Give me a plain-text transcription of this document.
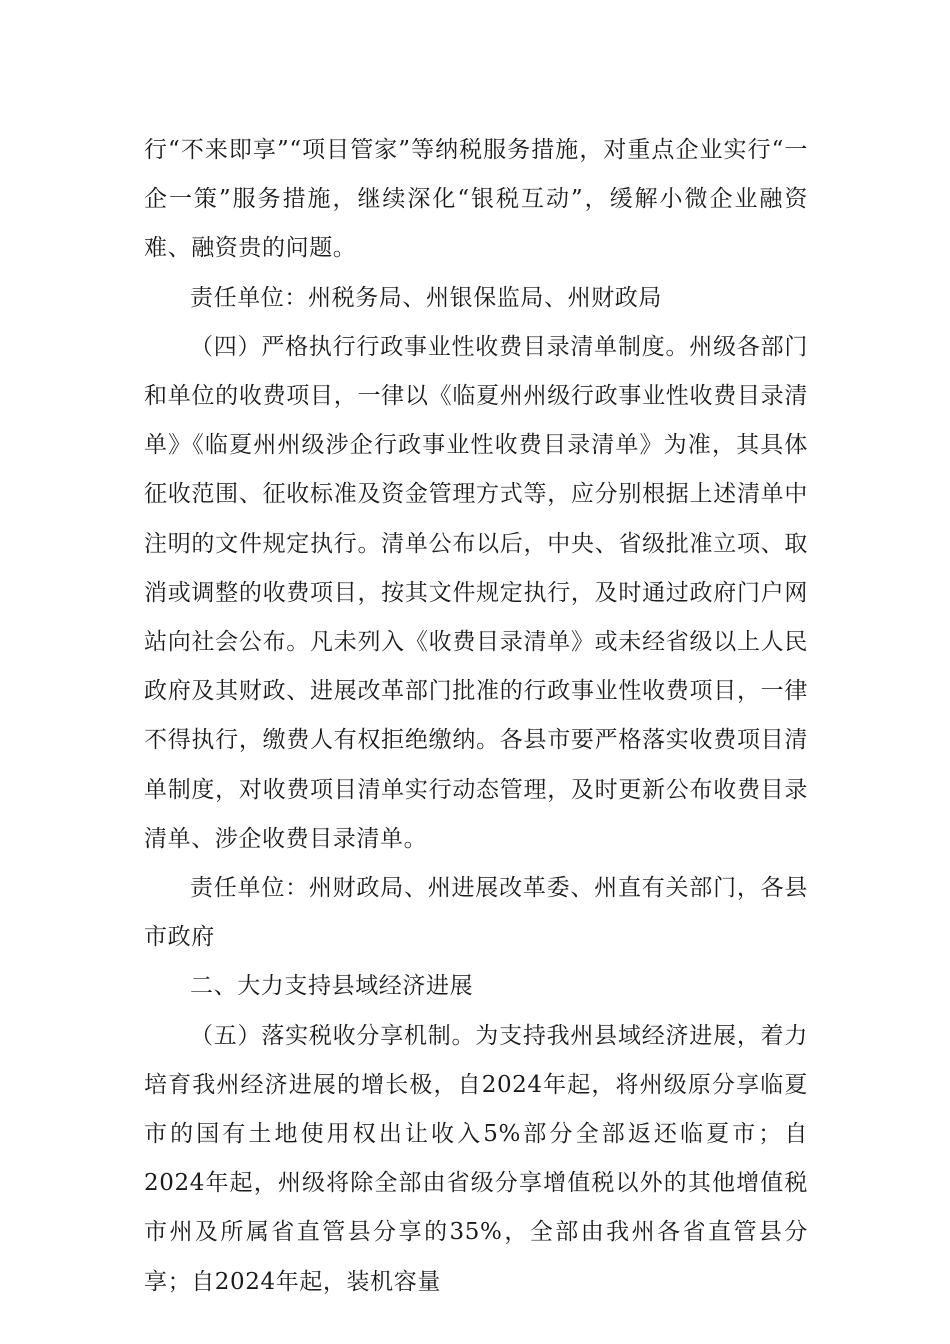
行“不来即享”“项目管家”等纳税服务措施，对重点企业实行“一企一策”服务措施，继续深化“银税互动”，缓解小微企业融资难、融资贵的问题。

责任单位：州税务局、州银保监局、州财政局

（四）严格执行行政事业性收费目录清单制度。州级各部门和单位的收费项目，一律以《临夏州州级行政事业性收费目录清单》《临夏州州级涉企行政事业性收费目录清单》为准，其具体征收范围、征收标准及资金管理方式等，应分别根据上述清单中注明的文件规定执行。清单公布以后，中央、省级批准立项、取消或调整的收费项目，按其文件规定执行，及时通过政府门户网站向社会公布。凡未列入《收费目录清单》或未经省级以上人民政府及其财政、进展改革部门批准的行政事业性收费项目，一律不得执行，缴费人有权拒绝缴纳。各县市要严格落实收费项目清单制度，对收费项目清单实行动态管理，及时更新公布收费目录清单、涉企收费目录清单。

责任单位：州财政局、州进展改革委、州直有关部门，各县市政府

二、大力支持县域经济进展

（五）落实税收分享机制。为支持我州县域经济进展，着力培育我州经济进展的增长极，自2024年起，将州级原分享临夏市的国有土地使用权出让收入5%部分全部返还临夏市；自2024年起，州级将除全部由省级分享增值税以外的其他增值税市州及所属省直管县分享的35%，全部由我州各省直管县分享；自2024年起，装机容量
